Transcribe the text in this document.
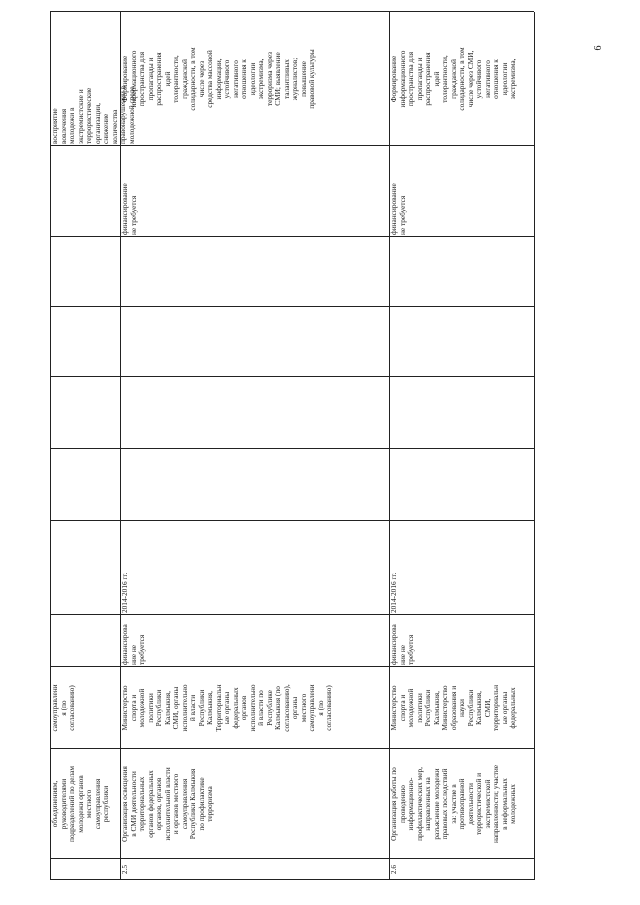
6
объединениям,
руководителями
подразделений по делам
молодежи органов
местного
самоуправления
республики
самоуправлени
я (по
согласованию)
восприятие
вовлечения
молодежи в
экстремистские и
террористические
организации,
снижение
количества
правонарушений в
молодежной среде
2.5
Организация освещения
в СМИ деятельности
территориальных
органов федеральных
органов, органов
исполнительной власти
и органов местного
самоуправления
Республики Калмыкия
по профилактике
терроризма
Министерство
спорта и
молодежной
политики
Республики
Калмыкия,
СМИ, органы
исполнительно
й власти
Республики
Калмыкия,
Территориальн
ые органы
федеральных
органов
исполнительно
й власти по
Республике
Калмыкия (по
согласованию),
органы
местного
самоуправлени
я (по
согласованию)
финансирова
ние не
требуется
2014-2016 гг.
финансирование
не требуется
Формирование
информационного
пространства для
пропаганды и
распространения
идей
толерантности,
гражданской
солидарности, в том
числе через
средства массовой
информации,
устойчивого
негативного
отношения к
идеологии
экстремизма,
терроризма через
СМИ; выявление
талантливых
журналистов;
повышение
правовой культуры
2.6
Организация работы по
проведению
информационно-
профилактических мер,
направленных на
разъяснение молодежи
правовых последствий
за: участие в
противоправной
деятельности
террористической и
экстремистской
направленности; участие
в неформальных
молодежных
Министерство
спорта и
молодежной
политики
Республики
Калмыкия,
Министерство
образования и
науки
Республики
Калмыкия,
СМИ,
территориальн
ые органы
федеральных
финансирова
ние не
требуется
2014-2016 гг.
финансирование
не требуется
Формирование
информационного
пространства для
пропаганды и
распространения
идей
толерантности,
гражданской
солидарности, в том
числе через СМИ,
устойчивого
негативного
отношения к
идеологии
экстремизма,
